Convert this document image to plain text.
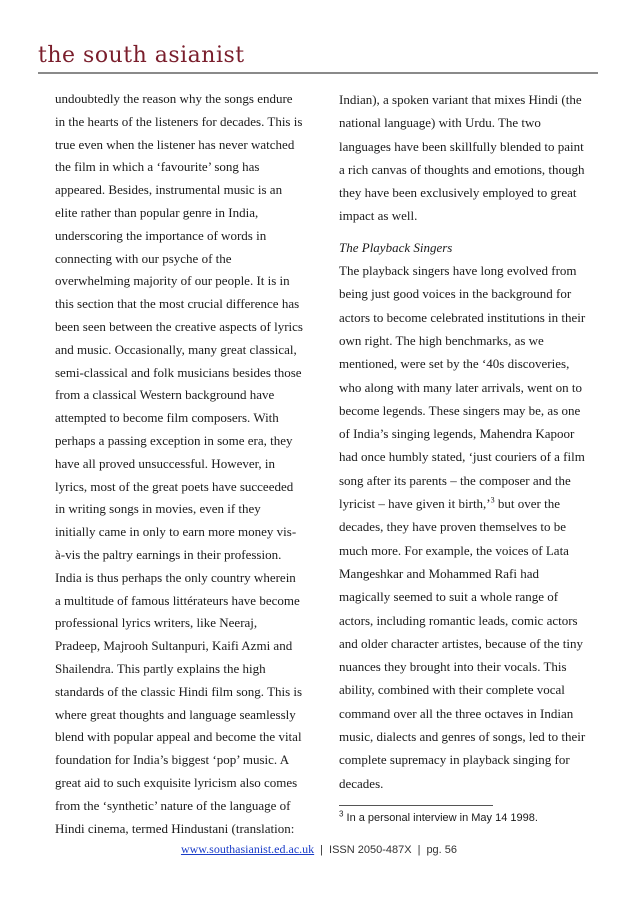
the south asianist
undoubtedly the reason why the songs endure
in the hearts of the listeners for decades. This is
true even when the listener has never watched
the film in which a ‘favourite’ song has
appeared. Besides, instrumental music is an
elite rather than popular genre in India,
underscoring the importance of words in
connecting with our psyche of the
overwhelming majority of our people. It is in
this section that the most crucial difference has
been seen between the creative aspects of lyrics
and music. Occasionally, many great classical,
semi-classical and folk musicians besides those
from a classical Western background have
attempted to become film composers. With
perhaps a passing exception in some era, they
have all proved unsuccessful. However, in
lyrics, most of the great poets have succeeded
in writing songs in movies, even if they
initially came in only to earn more money vis-
à-vis the paltry earnings in their profession.
India is thus perhaps the only country wherein
a multitude of famous littérateurs have become
professional lyrics writers, like Neeraj,
Pradeep, Majrooh Sultanpuri, Kaifi Azmi and
Shailendra. This partly explains the high
standards of the classic Hindi film song. This is
where great thoughts and language seamlessly
blend with popular appeal and become the vital
foundation for India’s biggest ‘pop’ music. A
great aid to such exquisite lyricism also comes
from the ‘synthetic’ nature of the language of
Hindi cinema, termed Hindustani (translation:
Indian), a spoken variant that mixes Hindi (the
national language) with Urdu. The two
languages have been skillfully blended to paint
a rich canvas of thoughts and emotions, though
they have been exclusively employed to great
impact as well.
The Playback Singers
The playback singers have long evolved from
being just good voices in the background for
actors to become celebrated institutions in their
own right. The high benchmarks, as we
mentioned, were set by the ‘40s discoveries,
who along with many later arrivals, went on to
become legends. These singers may be, as one
of India’s singing legends, Mahendra Kapoor
had once humbly stated, ‘just couriers of a film
song after its parents – the composer and the
lyricist – have given it birth,’$^3$ but over the
decades, they have proven themselves to be
much more. For example, the voices of Lata
Mangeshkar and Mohammed Rafi had
magically seemed to suit a whole range of
actors, including romantic leads, comic actors
and older character artistes, because of the tiny
nuances they brought into their vocals. This
ability, combined with their complete vocal
command over all the three octaves in Indian
music, dialects and genres of songs, led to their
complete supremacy in playback singing for
decades.
$^3$ In a personal interview in May 14 1998.
www.southasianist.ed.ac.uk | ISSN 2050-487X | pg. 56
